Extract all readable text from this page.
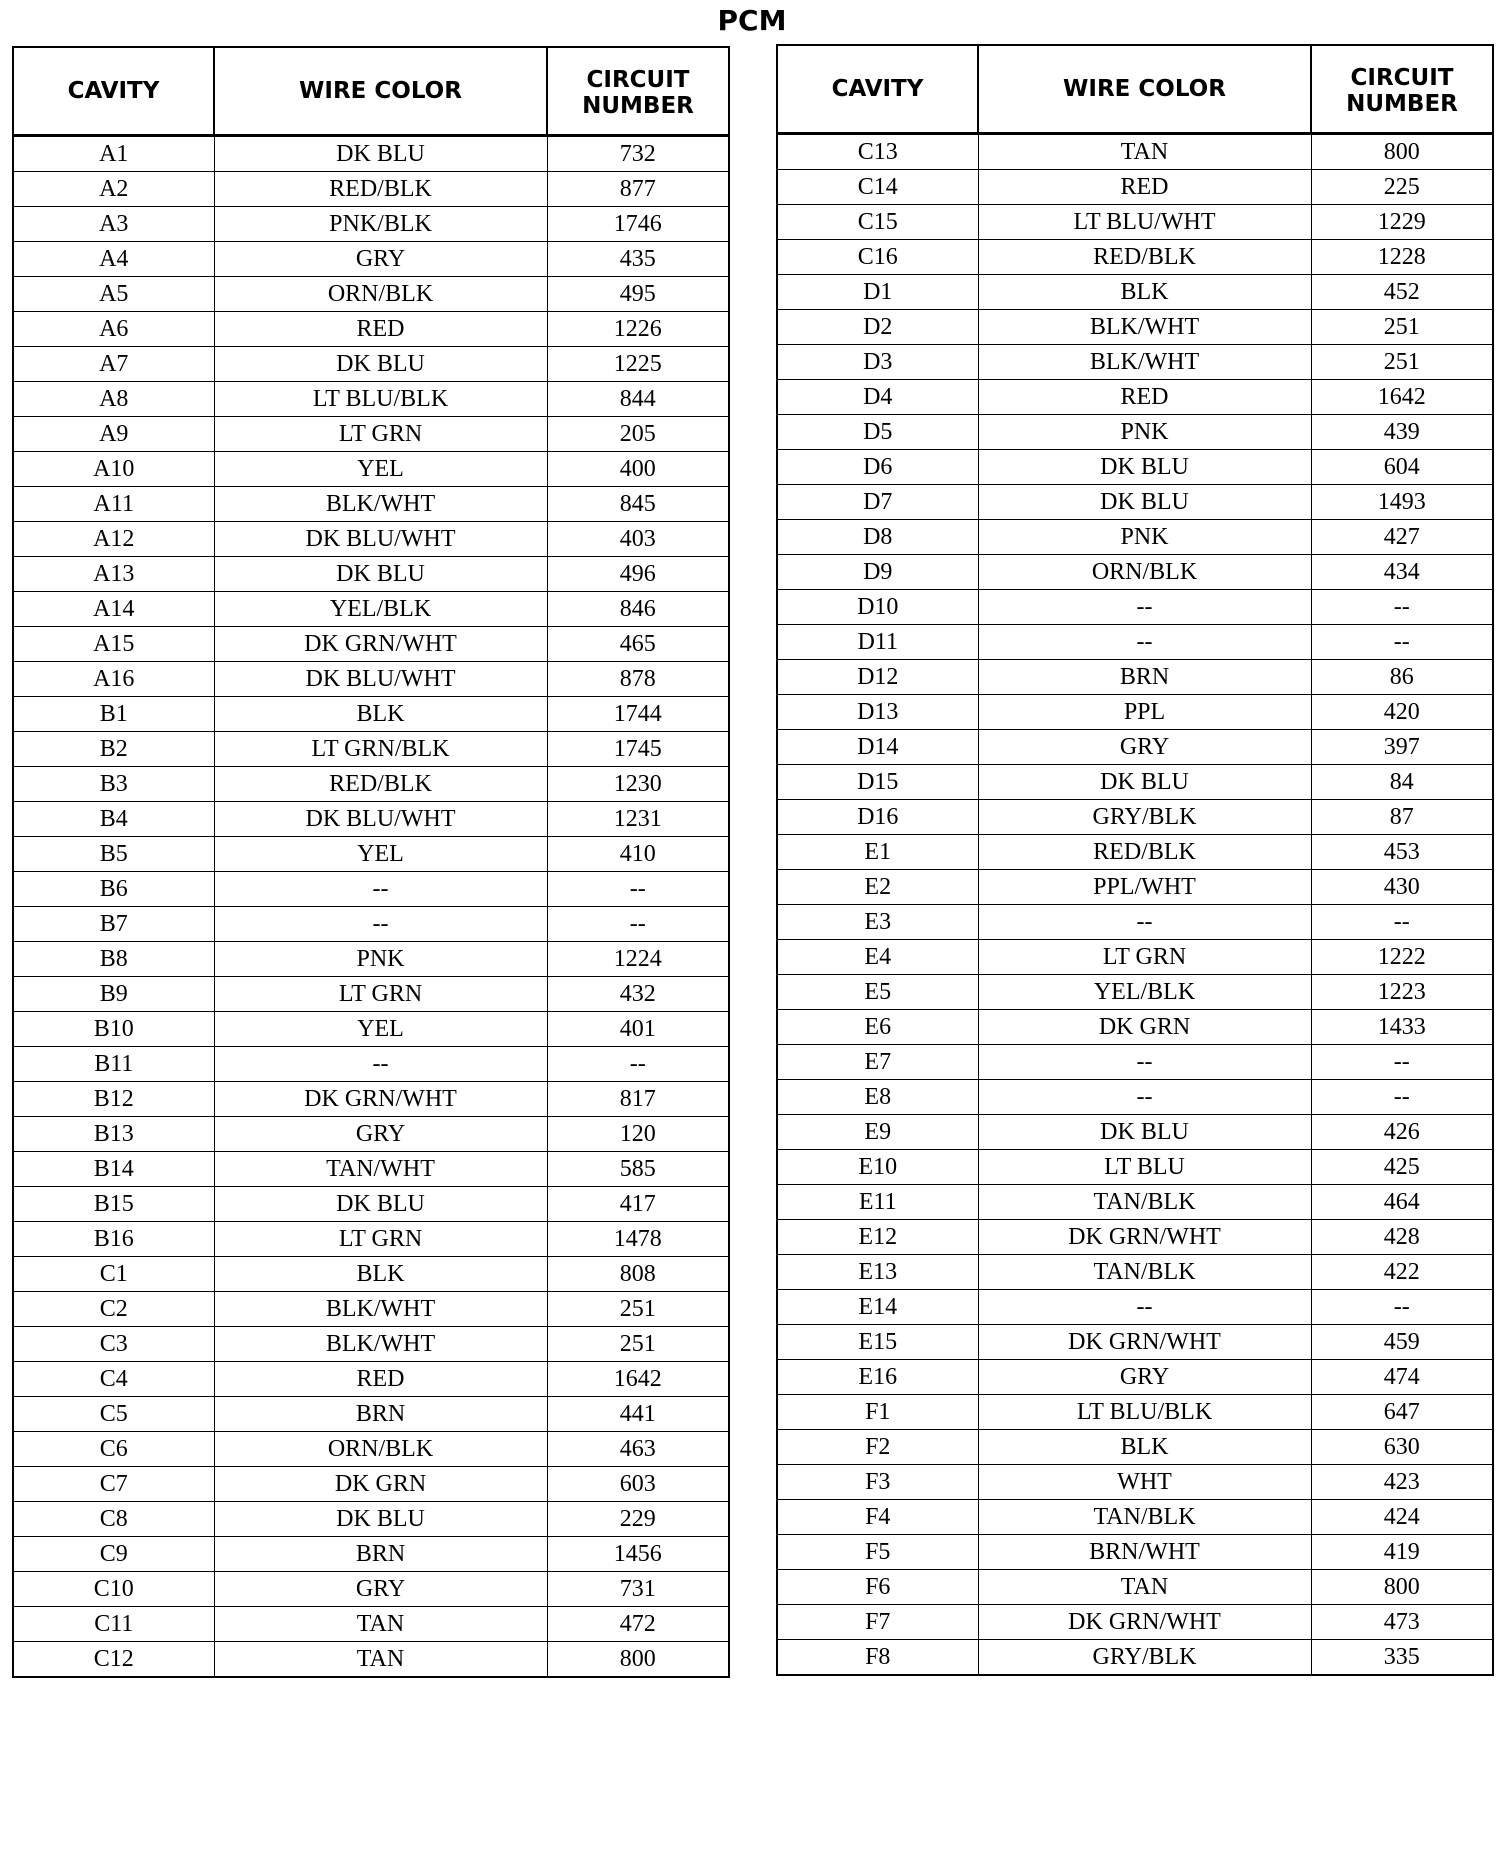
PCM
CAVITY	WIRE COLOR	CIRCUIT
NUMBER
A1	DK BLU	732
A2	RED/BLK	877
A3	PNK/BLK	1746
A4	GRY	435
A5	ORN/BLK	495
A6	RED	1226
A7	DK BLU	1225
A8	LT BLU/BLK	844
A9	LT GRN	205
A10	YEL	400
A11	BLK/WHT	845
A12	DK BLU/WHT	403
A13	DK BLU	496
A14	YEL/BLK	846
A15	DK GRN/WHT	465
A16	DK BLU/WHT	878
B1	BLK	1744
B2	LT GRN/BLK	1745
B3	RED/BLK	1230
B4	DK BLU/WHT	1231
B5	YEL	410
B6	--	--
B7	--	--
B8	PNK	1224
B9	LT GRN	432
B10	YEL	401
B11	--	--
B12	DK GRN/WHT	817
B13	GRY	120
B14	TAN/WHT	585
B15	DK BLU	417
B16	LT GRN	1478
C1	BLK	808
C2	BLK/WHT	251
C3	BLK/WHT	251
C4	RED	1642
C5	BRN	441
C6	ORN/BLK	463
C7	DK GRN	603
C8	DK BLU	229
C9	BRN	1456
C10	GRY	731
C11	TAN	472
C12	TAN	800
CAVITY	WIRE COLOR	CIRCUIT
NUMBER
C13	TAN	800
C14	RED	225
C15	LT BLU/WHT	1229
C16	RED/BLK	1228
D1	BLK	452
D2	BLK/WHT	251
D3	BLK/WHT	251
D4	RED	1642
D5	PNK	439
D6	DK BLU	604
D7	DK BLU	1493
D8	PNK	427
D9	ORN/BLK	434
D10	--	--
D11	--	--
D12	BRN	86
D13	PPL	420
D14	GRY	397
D15	DK BLU	84
D16	GRY/BLK	87
E1	RED/BLK	453
E2	PPL/WHT	430
E3	--	--
E4	LT GRN	1222
E5	YEL/BLK	1223
E6	DK GRN	1433
E7	--	--
E8	--	--
E9	DK BLU	426
E10	LT BLU	425
E11	TAN/BLK	464
E12	DK GRN/WHT	428
E13	TAN/BLK	422
E14	--	--
E15	DK GRN/WHT	459
E16	GRY	474
F1	LT BLU/BLK	647
F2	BLK	630
F3	WHT	423
F4	TAN/BLK	424
F5	BRN/WHT	419
F6	TAN	800
F7	DK GRN/WHT	473
F8	GRY/BLK	335
